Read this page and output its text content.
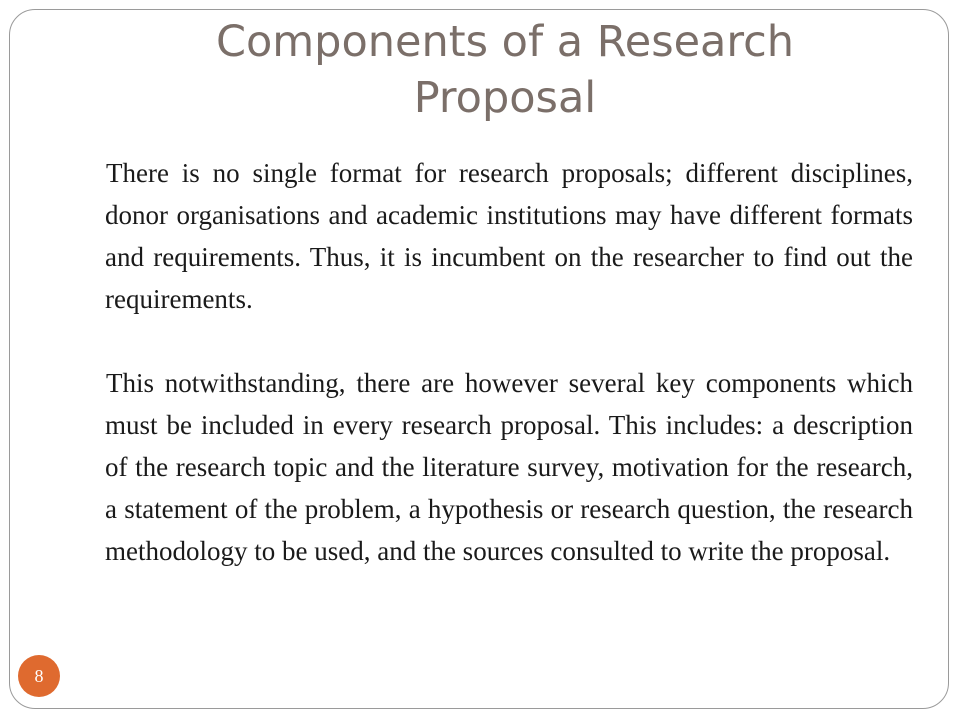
Components of a Research Proposal

There is no single format for research proposals; different disciplines, donor organisations and academic institutions may have different formats and requirements. Thus, it is incumbent on the researcher to find out the requirements.

This notwithstanding, there are however several key components which must be included in every research proposal. This includes: a description of the research topic and the literature survey, motivation for the research, a statement of the problem, a hypothesis or research question, the research methodology to be used, and the sources consulted to write the proposal.

8
